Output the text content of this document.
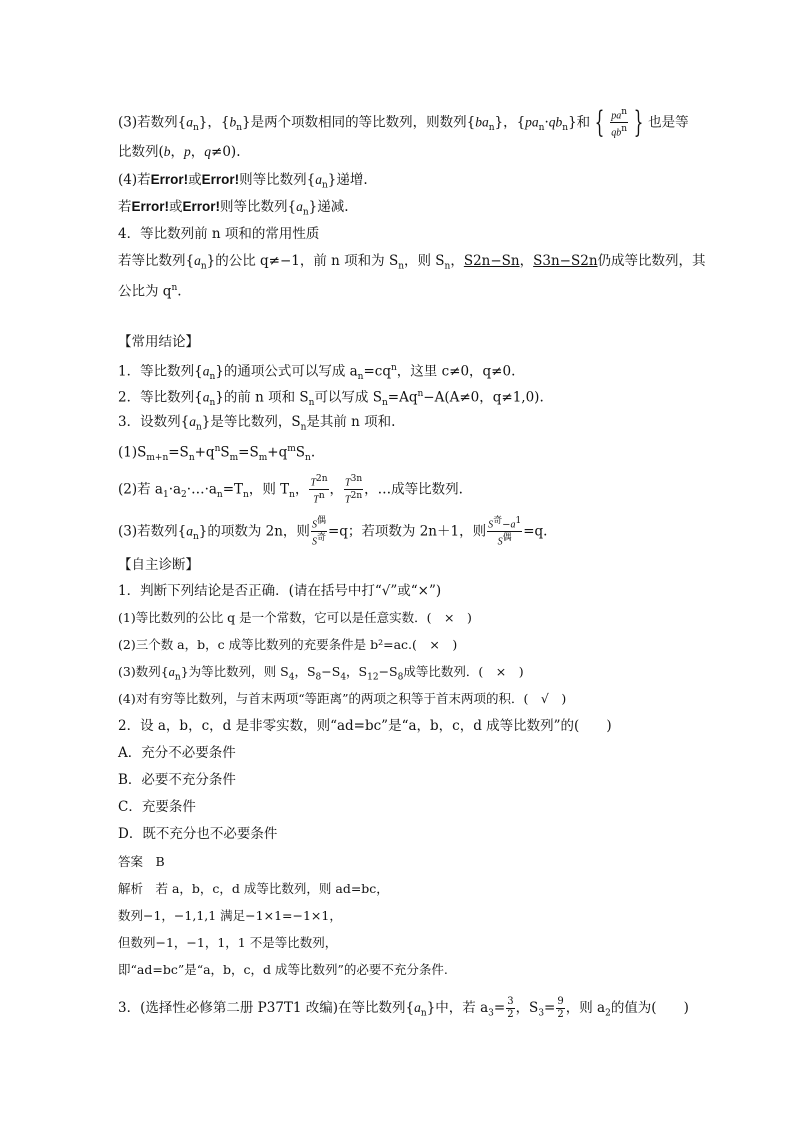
(3)若数列$\{a_n\}$，$\{b_n\}$是两个项数相同的等比数列，则数列$\{ba_n\}$，$\{pa_n\cdot qb_n\}$和 { $\frac{pa^n}{qb^n}$ } 也是等
比数列(b，p，q≠0).
(4)若Error!或Error!则等比数列$\{a_n\}$递增.
若Error!或Error!则等比数列$\{a_n\}$递减.
4．等比数列前 n 项和的常用性质
若等比数列$\{a_n\}$的公比 q≠−1，前 n 项和为 $S_n$，则 $S_n$，S2n−Sn，S3n−S2n仍成等比数列，其
公比为 $q^n$.
【常用结论】
1．等比数列$\{a_n\}$的通项公式可以写成 $a_n=cq^n$，这里 c≠0，q≠0.
2．等比数列$\{a_n\}$的前 n 项和 $S_n$可以写成 $S_n=Aq^n-A(A\ne 0$，q≠1,0).
3．设数列$\{a_n\}$是等比数列，$S_n$是其前 n 项和.
$(1)S_{m+n}=S_n+q^nS_m=S_m+q^mS_n$.
(2)若 $a_1\cdot a_2\cdot\dots\cdot a_n=T_n$，则 $T_n$， $\frac{T^{2n}}{T^n}$ ， $\frac{T^{3n}}{T^{2n}}$ ，…成等比数列.
(3)若数列$\{a_n\}$的项数为 2n，则 $\frac{S^偶}{S^奇} =q$；若项数为 2n＋1，则 $\frac{S^奇-a^1}{S^偶} =q$.
【自主诊断】
1．判断下列结论是否正确．(请在括号中打“√”或“×”)
(1)等比数列的公比 q 是一个常数，它可以是任意实数．(　×　)
(2)三个数 a，b，c 成等比数列的充要条件是 b²=ac.(　×　)
(3)数列$\{a_n\}$为等比数列，则 $S_4$，$S_8-S_4$，$S_{12}-S_8$成等比数列．(　×　)
(4)对有穷等比数列，与首末两项“等距离”的两项之积等于首末两项的积．(　√　)
2．设 a，b，c，d 是非零实数，则“ad=bc”是“a，b，c，d 成等比数列”的(　　)
A．充分不必要条件
B．必要不充分条件
C．充要条件
D．既不充分也不必要条件
答案　B
解析　若 a，b，c，d 成等比数列，则 ad=bc，
数列−1，−1,1,1 满足−1×1=−1×1，
但数列−1，−1，1，1 不是等比数列，
即“ad=bc”是“a，b，c，d 成等比数列”的必要不充分条件.
3．(选择性必修第二册 P37T1 改编)在等比数列$\{a_n\}$中，若 $a_3= \frac{3}{2}$ ，$S_3= \frac{9}{2}$ ，则 $a_2$的值为(　　)
